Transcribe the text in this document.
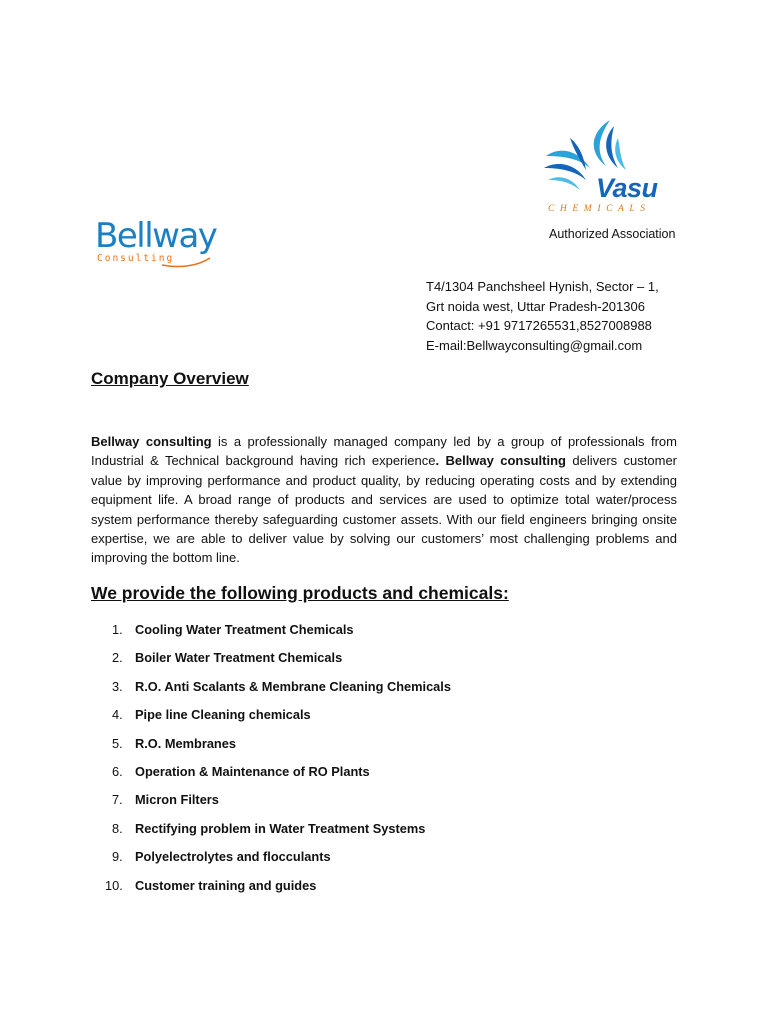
Vasu
CHEMICALS
Authorized Association
Bellway
Consulting
T4/1304 Panchsheel Hynish, Sector – 1,
Grt noida west, Uttar Pradesh-201306
Contact: +91 9717265531,8527008988
E-mail:Bellwayconsulting@gmail.com
Company Overview
Bellway consulting is a professionally managed company led by a group of professionals from Industrial & Technical background having rich experience. Bellway consulting delivers customer value by improving performance and product quality, by reducing operating costs and by extending equipment life. A broad range of products and services are used to optimize total water/process system performance thereby safeguarding customer assets. With our field engineers bringing onsite expertise, we are able to deliver value by solving our customers’ most challenging problems and improving the bottom line.
We provide the following products and chemicals:
1. Cooling Water Treatment Chemicals
2. Boiler Water Treatment Chemicals
3. R.O. Anti Scalants & Membrane Cleaning Chemicals
4. Pipe line Cleaning chemicals
5. R.O. Membranes
6. Operation & Maintenance of RO Plants
7. Micron Filters
8. Rectifying problem in Water Treatment Systems
9. Polyelectrolytes and flocculants
10. Customer training and guides
